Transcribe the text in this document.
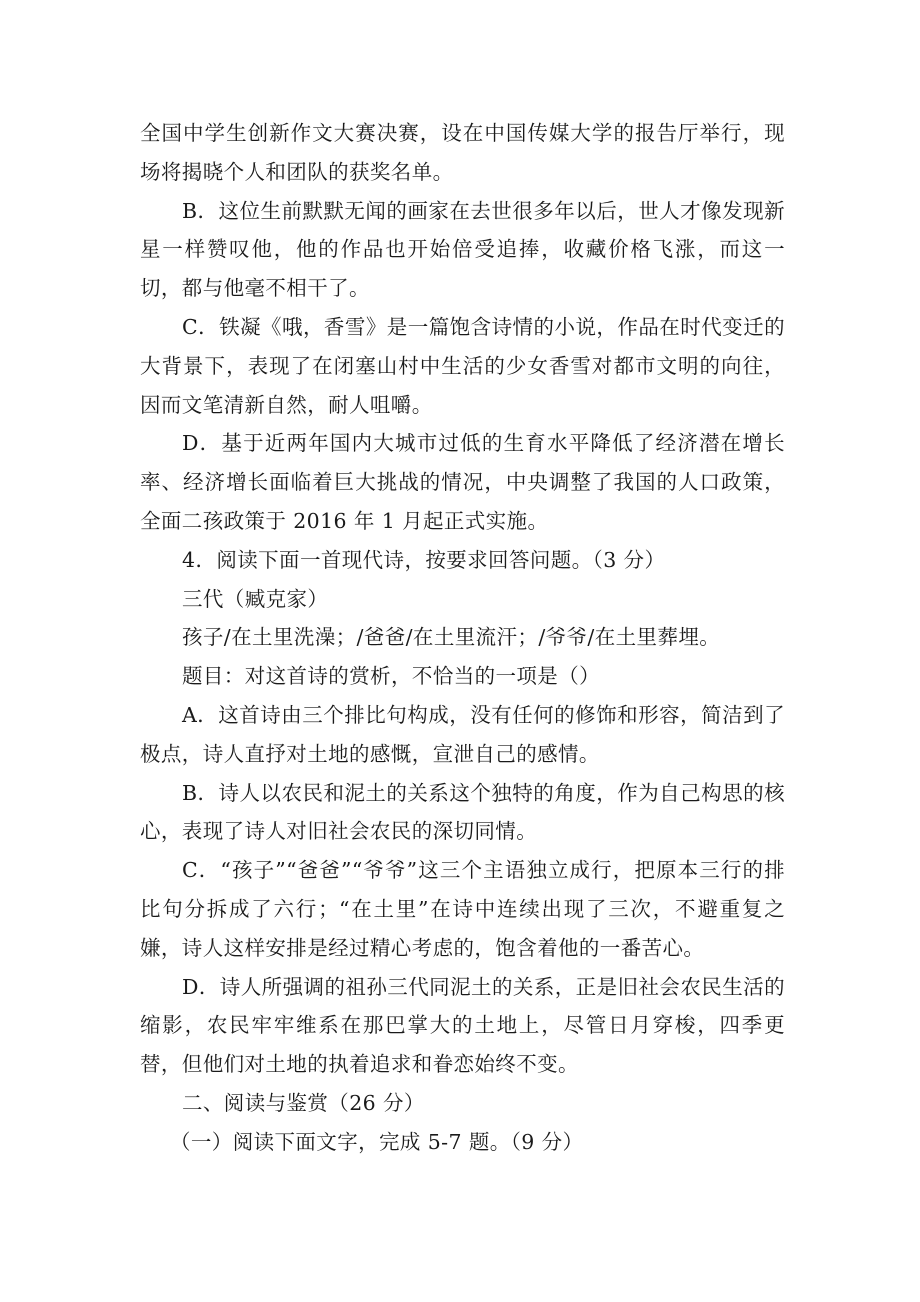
全国中学生创新作文大赛决赛，设在中国传媒大学的报告厅举行，现场将揭晓个人和团队的获奖名单。

B．这位生前默默无闻的画家在去世很多年以后，世人才像发现新星一样赞叹他，他的作品也开始倍受追捧，收藏价格飞涨，而这一切，都与他毫不相干了。

C．铁凝《哦，香雪》是一篇饱含诗情的小说，作品在时代变迁的大背景下，表现了在闭塞山村中生活的少女香雪对都市文明的向往，因而文笔清新自然，耐人咀嚼。

D．基于近两年国内大城市过低的生育水平降低了经济潜在增长率、经济增长面临着巨大挑战的情况，中央调整了我国的人口政策，全面二孩政策于 2016 年 1 月起正式实施。

4．阅读下面一首现代诗，按要求回答问题。（3 分）

三代（臧克家）

孩子/在土里洗澡；/爸爸/在土里流汗；/爷爷/在土里葬埋。

题目：对这首诗的赏析，不恰当的一项是（）

A．这首诗由三个排比句构成，没有任何的修饰和形容，简洁到了极点，诗人直抒对土地的感慨，宣泄自己的感情。

B．诗人以农民和泥土的关系这个独特的角度，作为自己构思的核心，表现了诗人对旧社会农民的深切同情。

C．“孩子”“爸爸”“爷爷”这三个主语独立成行，把原本三行的排比句分拆成了六行；“在土里”在诗中连续出现了三次，不避重复之嫌，诗人这样安排是经过精心考虑的，饱含着他的一番苦心。

D．诗人所强调的祖孙三代同泥土的关系，正是旧社会农民生活的缩影，农民牢牢维系在那巴掌大的土地上，尽管日月穿梭，四季更替，但他们对土地的执着追求和眷恋始终不变。

二、阅读与鉴赏（26 分）

（一）阅读下面文字，完成 5-7 题。（9 分）
